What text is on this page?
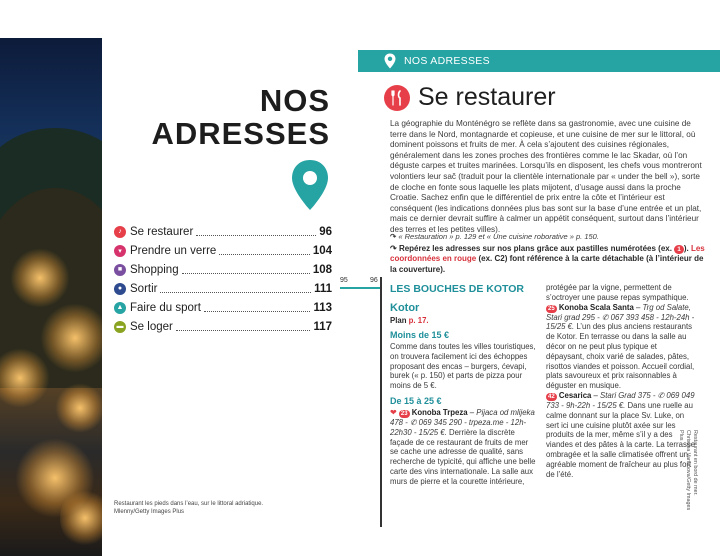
NOS
ADRESSES
♪ Se restaurer	96
▾ Prendre un verre	104
■ Shopping	108
● Sortir	111
▲ Faire du sport	113
▬ Se loger	117
Restaurant les pieds dans l’eau, sur le littoral adriatique.
Mlenny/Getty Images Plus
NOS ADRESSES
Se restaurer

La géographie du Monténégro se reflète dans sa gastronomie, avec une cuisine de terre dans le Nord, montagnarde et copieuse, et une cuisine de mer sur le littoral, où dominent poissons et fruits de mer. À cela s’ajoutent des cuisines régionales, généralement dans les zones proches des frontières comme le lac Skadar, où l’on déguste carpes et truites marinées. Lorsqu’ils en disposent, les chefs vous montreront volontiers leur sač (traduit pour la clientèle internationale par « under the bell »), sorte de cloche en fonte sous laquelle les plats mijotent, d’usage aussi dans la proche Croatie. Sachez enfin que le différentiel de prix entre la côte et l’intérieur est conséquent (les indications données plus bas sont sur la base d’une entrée et un plat, mais ce dernier devrait suffire à calmer un appétit conséquent, surtout dans l’intérieur des terres et les petites villes).

↷ « Restauration » p. 129 et « Une cuisine roborative » p. 150.
↷ Repérez les adresses sur nos plans grâce aux pastilles numérotées (ex. 1 ). Les coordonnées en rouge (ex. C2) font référence à la carte détachable (à l’intérieur de la couverture).
95	96
LES BOUCHES DE KOTOR
Kotor
Plan p. 17.
Moins de 15 €

Comme dans toutes les villes touristiques, on trouvera facilement ici des échoppes proposant des encas – burgers, ćevapi, burek (« p. 150) et parts de pizza pour moins de 5 €.

De 15 à 25 €

❤ 23 Konoba Trpeza – Pijaca od mlijeka 478 - ✆ 069 345 290 - trpeza.me - 12h-22h30 - 15/25 €. Derrière la discrète façade de ce restaurant de fruits de mer se cache une adresse de qualité, sans recherche de typicité, qui affiche une belle carte des vins internationale. La salle aux murs de pierre et la courette intérieure,

protégée par la vigne, permettent de s’octroyer une pause repas sympathique.

25 Konoba Scala Santa – Trg od Salate, Stari grad 295 - ✆ 067 393 458 - 12h-24h - 15/25 €. L’un des plus anciens restaurants de Kotor. En terrasse ou dans la salle au décor on ne peut plus typique et dépaysant, choix varié de salades, pâtes, risottos viandes et poisson. Accueil cordial, plats savoureux et prix raisonnables à déguster en musique.

42 Cesarica – Stari Grad 375 - ✆ 069 049 733 - 9h-22h - 15/25 €. Dans une ruelle au calme donnant sur la place Sv. Luke, on sert ici une cuisine plutôt axée sur les produits de la mer, même s’il y a des viandes et des pâtes à la carte. La terrasse ombragée et la salle climatisée offrent un agréable moment de fraîcheur au plus fort de l’été.	Restaurant en bord de mer.
Christina Varianova/Getty Images Plus
